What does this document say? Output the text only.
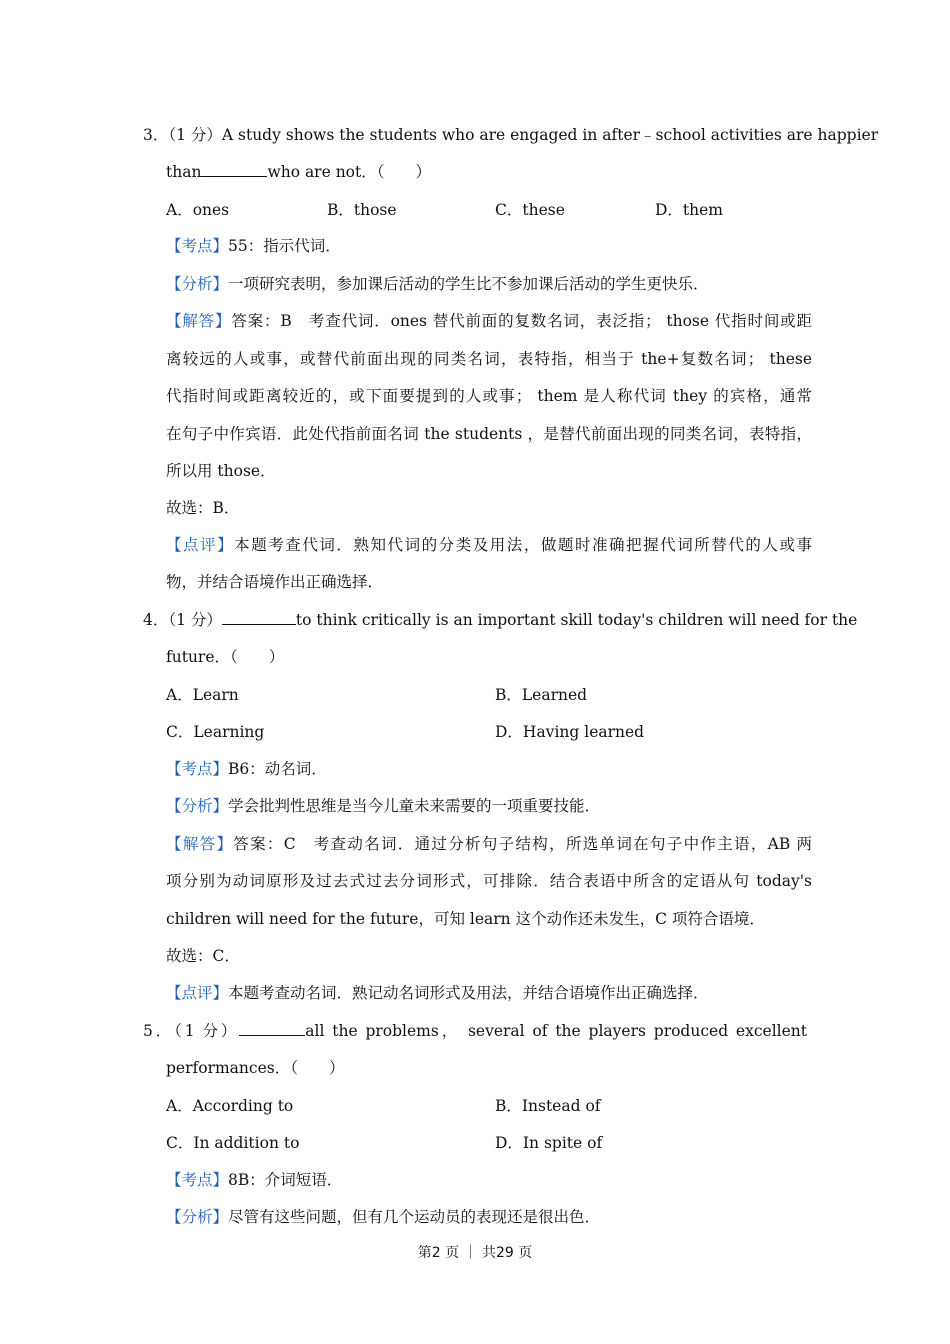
3．（1 分）A study shows the students who are engaged in after﹣school activities are happier
than	who are not．（　　）
A．ones	B．those	C．these	D．them
【考点】55：指示代词．
【分析】一项研究表明，参加课后活动的学生比不参加课后活动的学生更快乐．
【解答】答案：B　考查代词．ones 替代前面的复数名词，表泛指； those 代指时间或距
离较远的人或事，或替代前面出现的同类名词，表特指，相当于 the+复数名词； these
代指时间或距离较近的，或下面要提到的人或事； them 是人称代词 they 的宾格，通常
在句子中作宾语．此处代指前面名词 the students ，是替代前面出现的同类名词，表特指，
所以用 those．
故选：B．
【点评】本题考查代词．熟知代词的分类及用法，做题时准确把握代词所替代的人或事
物，并结合语境作出正确选择．
4．（1 分）	to think critically is an important skill today's children will need for the
future．（　　）
A．Learn	B．Learned
C．Learning	D．Having learned
【考点】B6：动名词．
【分析】学会批判性思维是当今儿童未来需要的一项重要技能．
【解答】答案：C　考查动名词．通过分析句子结构，所选单词在句子中作主语，AB 两
项分别为动词原形及过去式过去分词形式，可排除．结合表语中所含的定语从句 today's
children will need for the future，可知 learn 这个动作还未发生，C 项符合语境．
故选：C．
【点评】本题考查动名词．熟记动名词形式及用法，并结合语境作出正确选择．
5．（1 分）	all the problems， several of the players produced excellent
performances．（　　）
A．According to	B．Instead of
C．In addition to	D．In spite of
【考点】8B：介词短语．
【分析】尽管有这些问题，但有几个运动员的表现还是很出色．
第2 页 ｜ 共29 页
